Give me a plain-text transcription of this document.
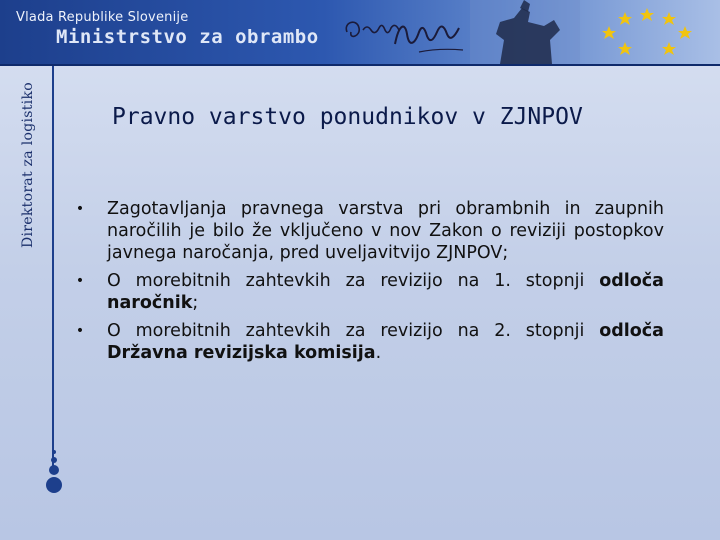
Vlada Republike Slovenije
Ministrstvo za obrambo
Direktorat za logistiko	Pravno varstvo ponudnikov v ZJNPOV
• Zagotavljanja pravnega varstva pri obrambnih in zaupnih naročilih je bilo že vključeno v nov Zakon o reviziji postopkov javnega naročanja, pred uveljavitvijo ZJNPOV;
• O morebitnih zahtevkih za revizijo na 1. stopnji odloča naročnik;
• O morebitnih zahtevkih za revizijo na 2. stopnji odloča Državna revizijska komisija.
